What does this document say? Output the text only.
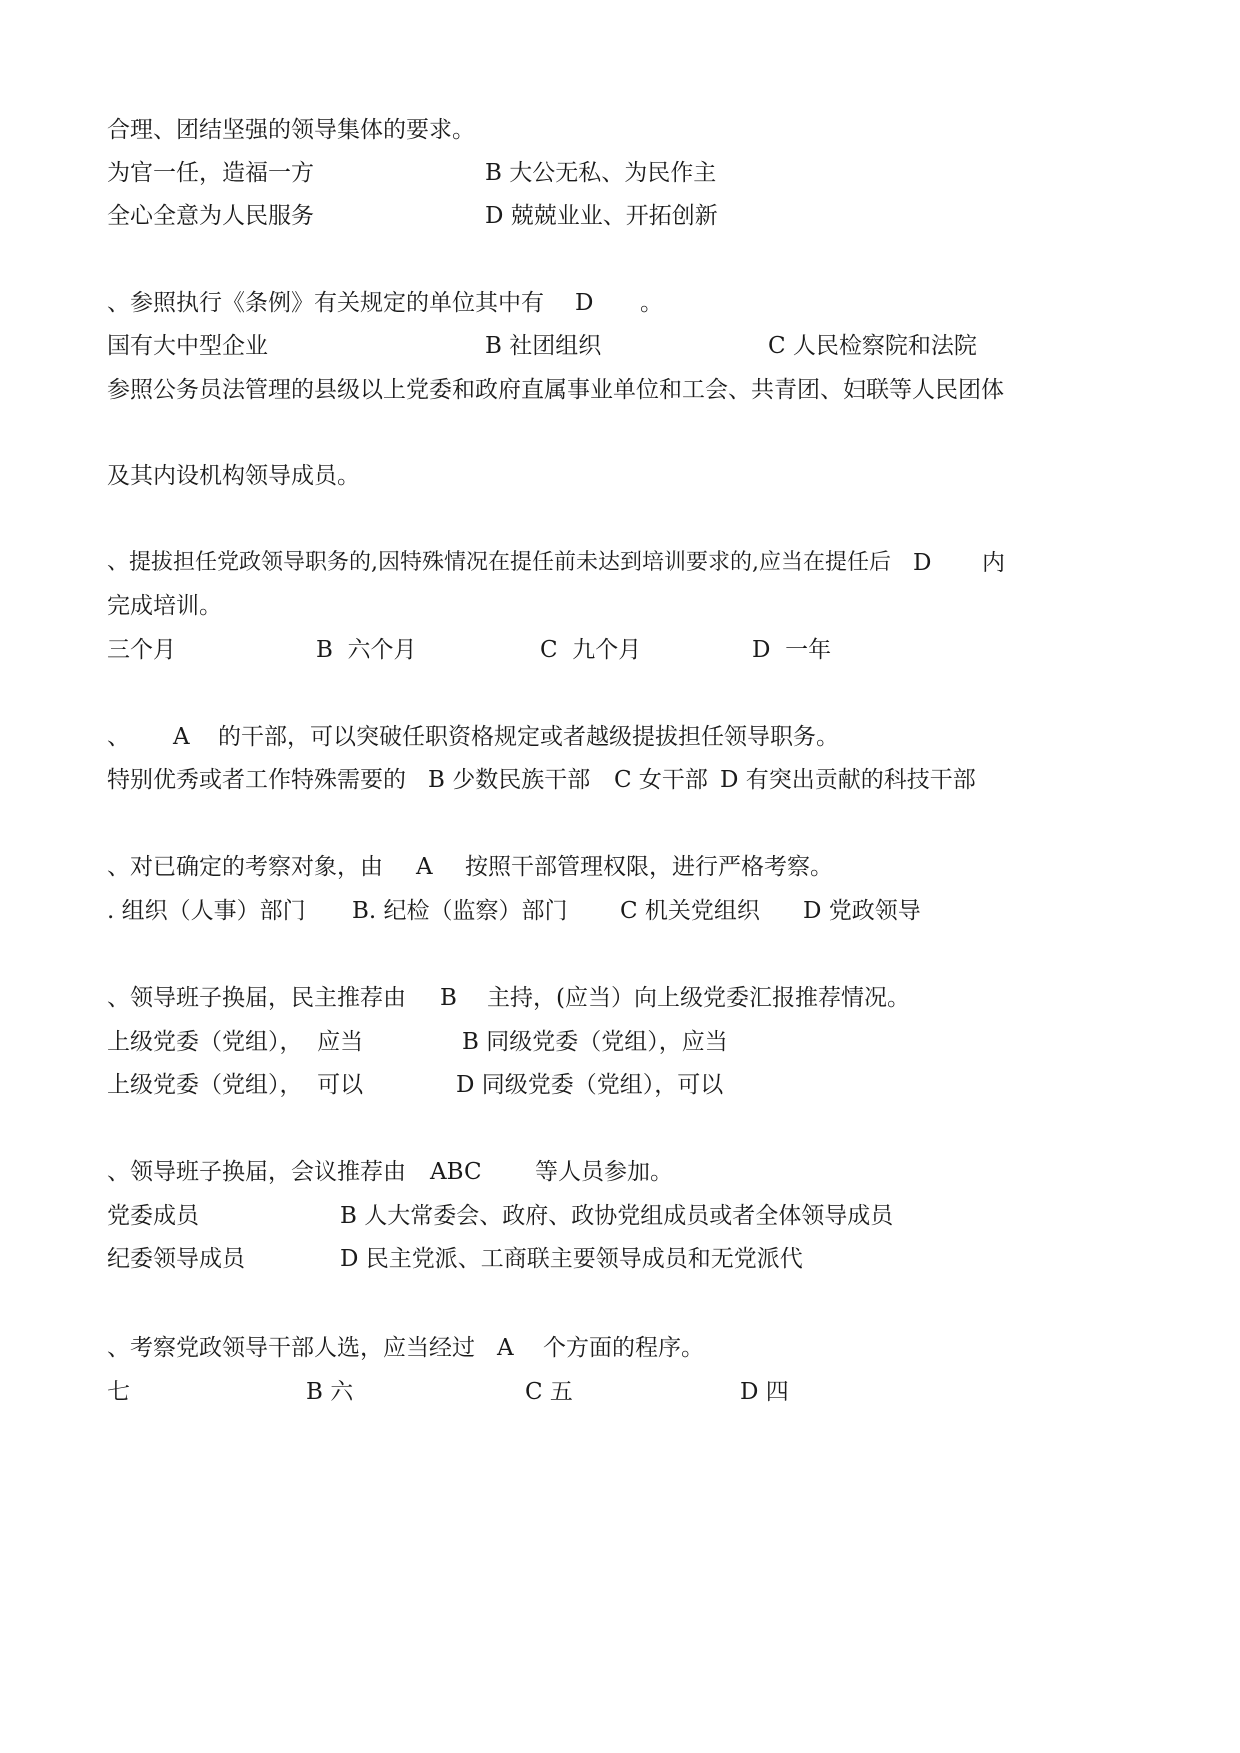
合理、团结坚强的领导集体的要求。
为官一任，造福一方	B 大公无私、为民作主
全心全意为人民服务	D 兢兢业业、开拓创新
、参照执行《条例》有关规定的单位其中有 D 。
国有大中型企业	B 社团组织	C 人民检察院和法院
参照公务员法管理的县级以上党委和政府直属事业单位和工会、共青团、妇联等人民团体
及其内设机构领导成员。
、提拔担任党政领导职务的,因特殊情况在提任前未达到培训要求的,应当在提任后 D 内
完成培训。
三个月	B  六个月	C  九个月	D  一年
、 A 的干部，可以突破任职资格规定或者越级提拔担任领导职务。
特别优秀或者工作特殊需要的 B 少数民族干部 C 女干部 D 有突出贡献的科技干部
、对已确定的考察对象，由 A 按照干部管理权限，进行严格考察。
. 组织（人事）部门 B. 纪检（监察）部门 C 机关党组织 D 党政领导
、领导班子换届，民主推荐由 B 主持，(应当）向上级党委汇报推荐情况。
上级党委（党组），  应当	B 同级党委（党组），应当
上级党委（党组），  可以	D 同级党委（党组），可以
、领导班子换届，会议推荐由 ABC 等人员参加。
党委成员	B 人大常委会、政府、政协党组成员或者全体领导成员
纪委领导成员	D 民主党派、工商联主要领导成员和无党派代
、考察党政领导干部人选，应当经过 A 个方面的程序。
七	B 六	C 五	D 四
